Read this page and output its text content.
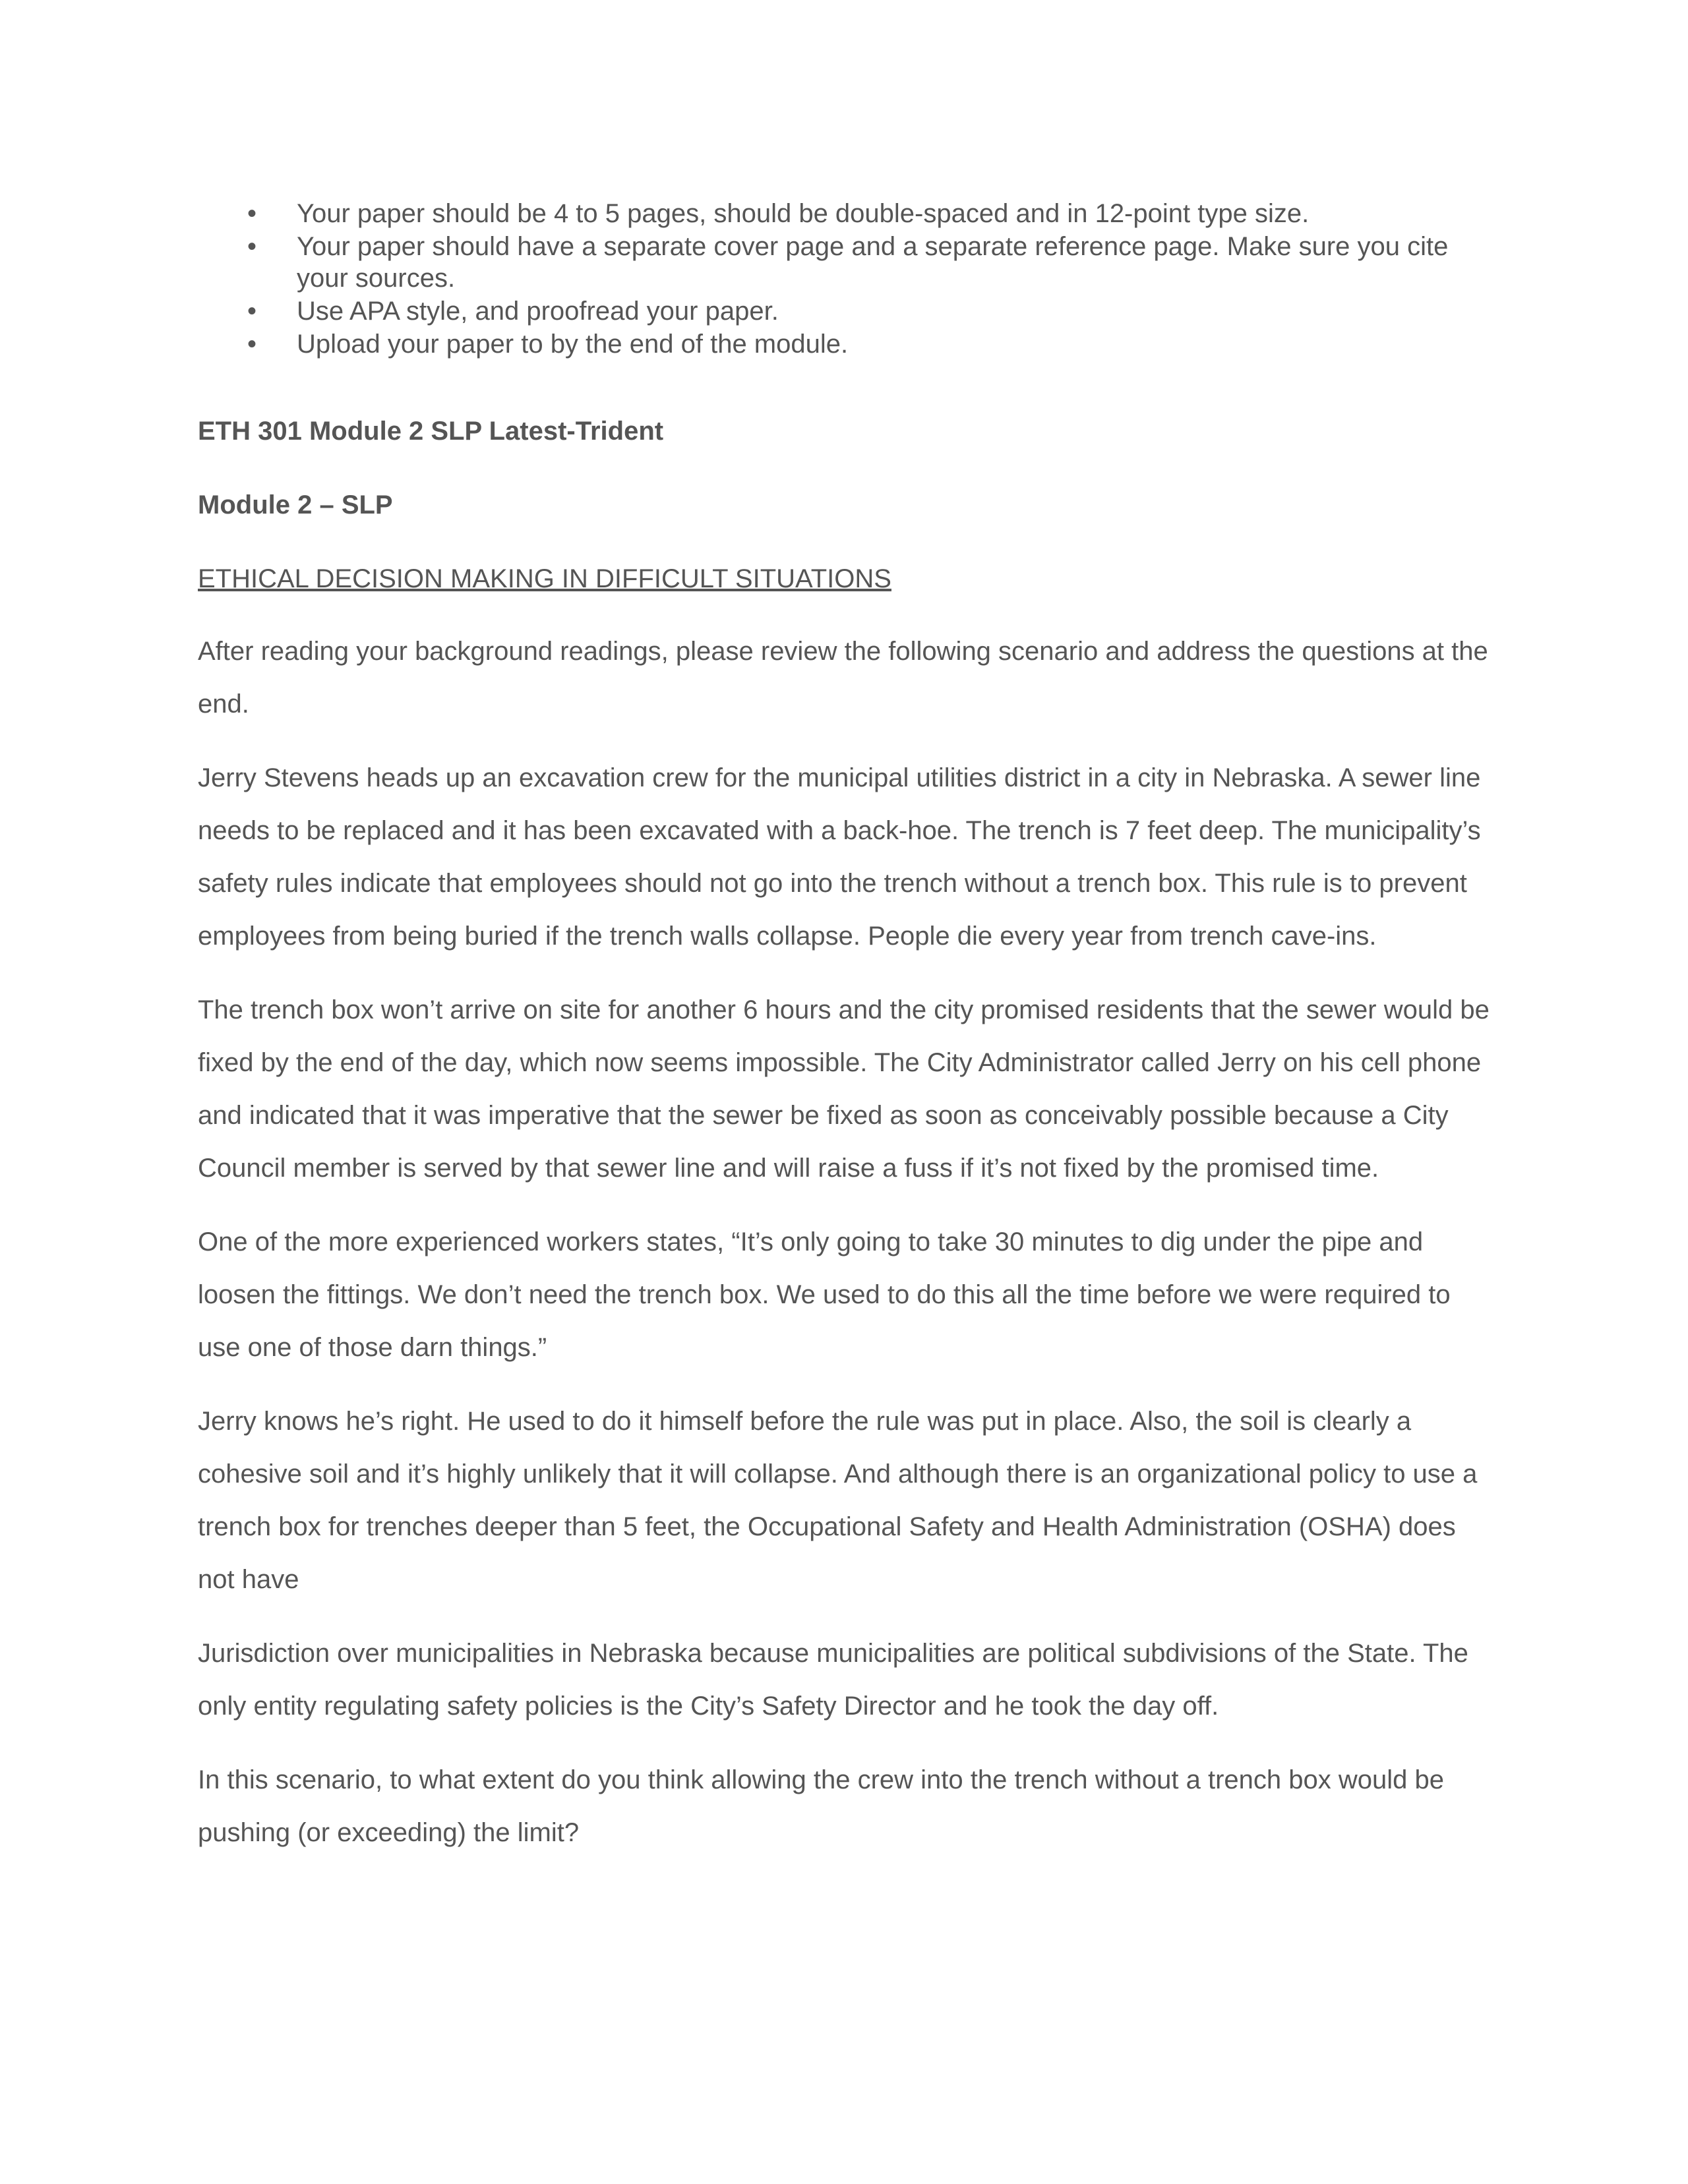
• Your paper should be 4 to 5 pages, should be double-spaced and in 12-point type size.
• Your paper should have a separate cover page and a separate reference page. Make sure you cite your sources.
• Use APA style, and proofread your paper.
• Upload your paper to by the end of the module.

ETH 301 Module 2 SLP Latest-Trident

Module 2 – SLP

ETHICAL DECISION MAKING IN DIFFICULT SITUATIONS

After reading your background readings, please review the following scenario and address the questions at the end.

Jerry Stevens heads up an excavation crew for the municipal utilities district in a city in Nebraska. A sewer line needs to be replaced and it has been excavated with a back-hoe. The trench is 7 feet deep. The municipality’s safety rules indicate that employees should not go into the trench without a trench box. This rule is to prevent employees from being buried if the trench walls collapse. People die every year from trench cave-ins.

The trench box won’t arrive on site for another 6 hours and the city promised residents that the sewer would be fixed by the end of the day, which now seems impossible. The City Administrator called Jerry on his cell phone and indicated that it was imperative that the sewer be fixed as soon as conceivably possible because a City Council member is served by that sewer line and will raise a fuss if it’s not fixed by the promised time.

One of the more experienced workers states, “It’s only going to take 30 minutes to dig under the pipe and loosen the fittings. We don’t need the trench box. We used to do this all the time before we were required to use one of those darn things.”

Jerry knows he’s right. He used to do it himself before the rule was put in place. Also, the soil is clearly a cohesive soil and it’s highly unlikely that it will collapse. And although there is an organizational policy to use a trench box for trenches deeper than 5 feet, the Occupational Safety and Health Administration (OSHA) does not have

Jurisdiction over municipalities in Nebraska because municipalities are political subdivisions of the State. The only entity regulating safety policies is the City’s Safety Director and he took the day off.

In this scenario, to what extent do you think allowing the crew into the trench without a trench box would be pushing (or exceeding) the limit?
